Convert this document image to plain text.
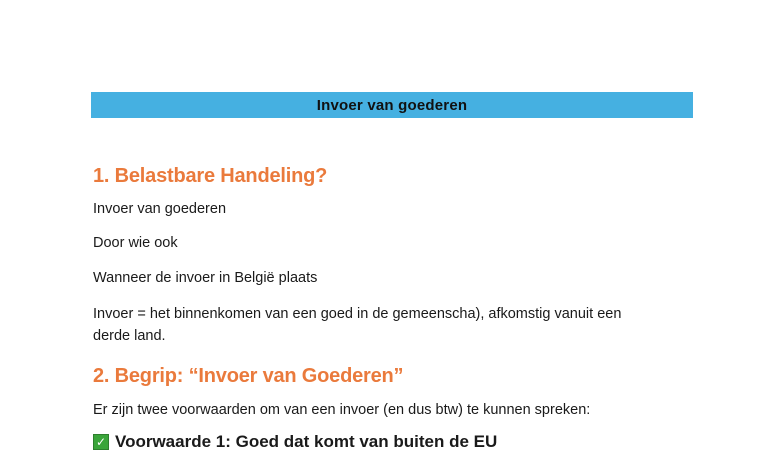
Invoer van goederen
1. Belastbare Handeling?
Invoer van goederen
Door wie ook
Wanneer de invoer in België plaats
Invoer = het binnenkomen van een goed in de gemeenscha), afkomstig vanuit een
derde land.
2. Begrip: “Invoer van Goederen”
Er zijn twee voorwaarden om van een invoer (en dus btw) te kunnen spreken:
✓ Voorwaarde 1: Goed dat komt van buiten de EU
